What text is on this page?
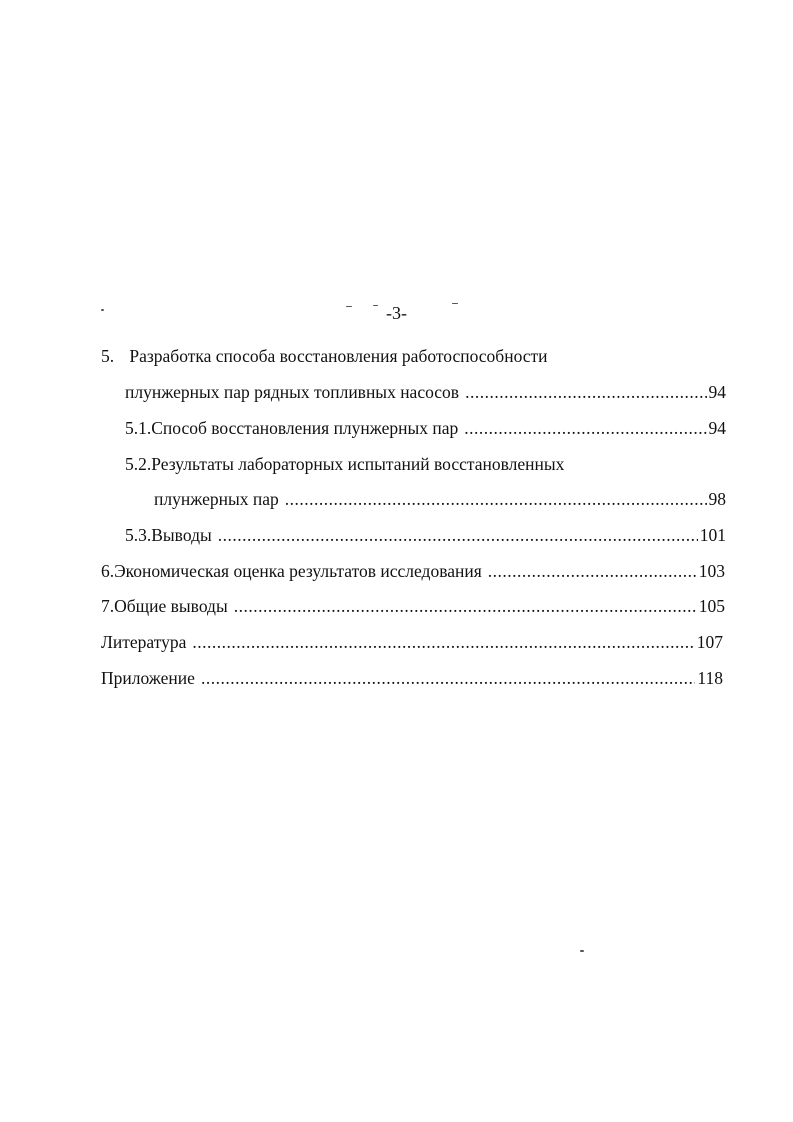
-3-
5. Разработка способа восстановления работоспособности
плунжерных пар рядных топливных насосов .....	94
5.1.Способ восстановления плунжерных пар .....	94
5.2.Результаты лабораторных испытаний восстановленных
плунжерных пар .....	98
5.3.Выводы .....	101
6. Экономическая оценка результатов исследования .....	103
7. Общие выводы .....	105
Литература .....	107
Приложение .....	118
